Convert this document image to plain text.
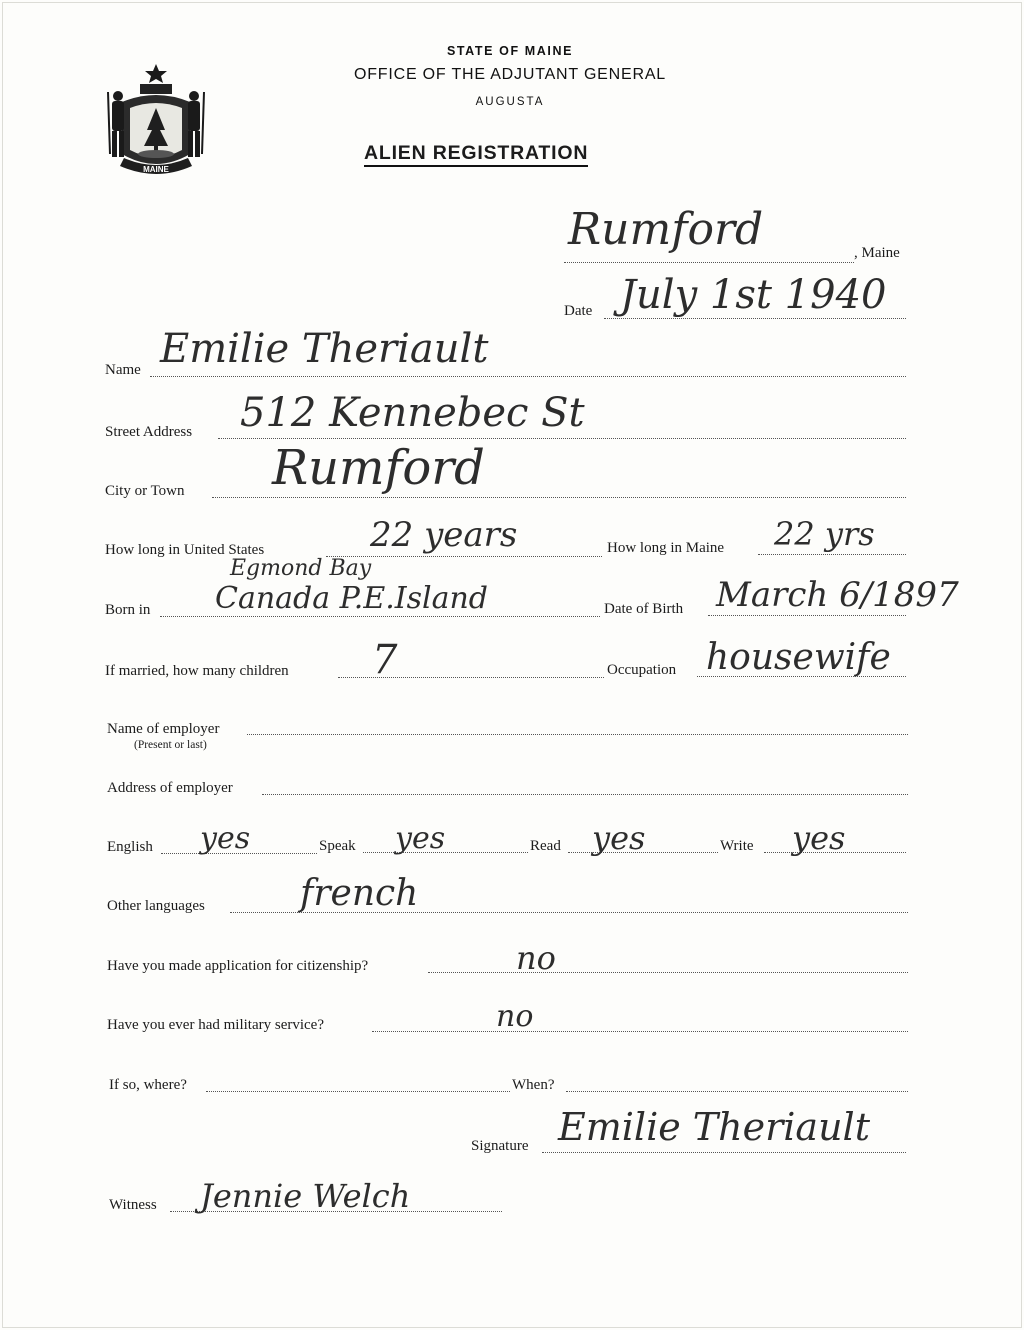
MAINE
STATE OF MAINE
OFFICE OF THE ADJUTANT GENERAL
AUGUSTA
ALIEN REGISTRATION
Rumford	, Maine
Date July 1st 1940
Name Emilie Theriault
Street Address 512 Kennebec St
City or Town Rumford
How long in United States	22 years	How long in Maine 22 yrs
Born in
Egmond Bay
Canada P.E.Island	Date of Birth March 6/1897
If married, how many children 7	Occupation housewife
Name of employer
(Present or last)
Address of employer
English yes	Speak yes	Read yes	Write yes
Other languages	french
Have you made application for citizenship?	no
Have you ever had military service?	no
If so, where?	When?
Signature Emilie Theriault
Witness Jennie Welch
